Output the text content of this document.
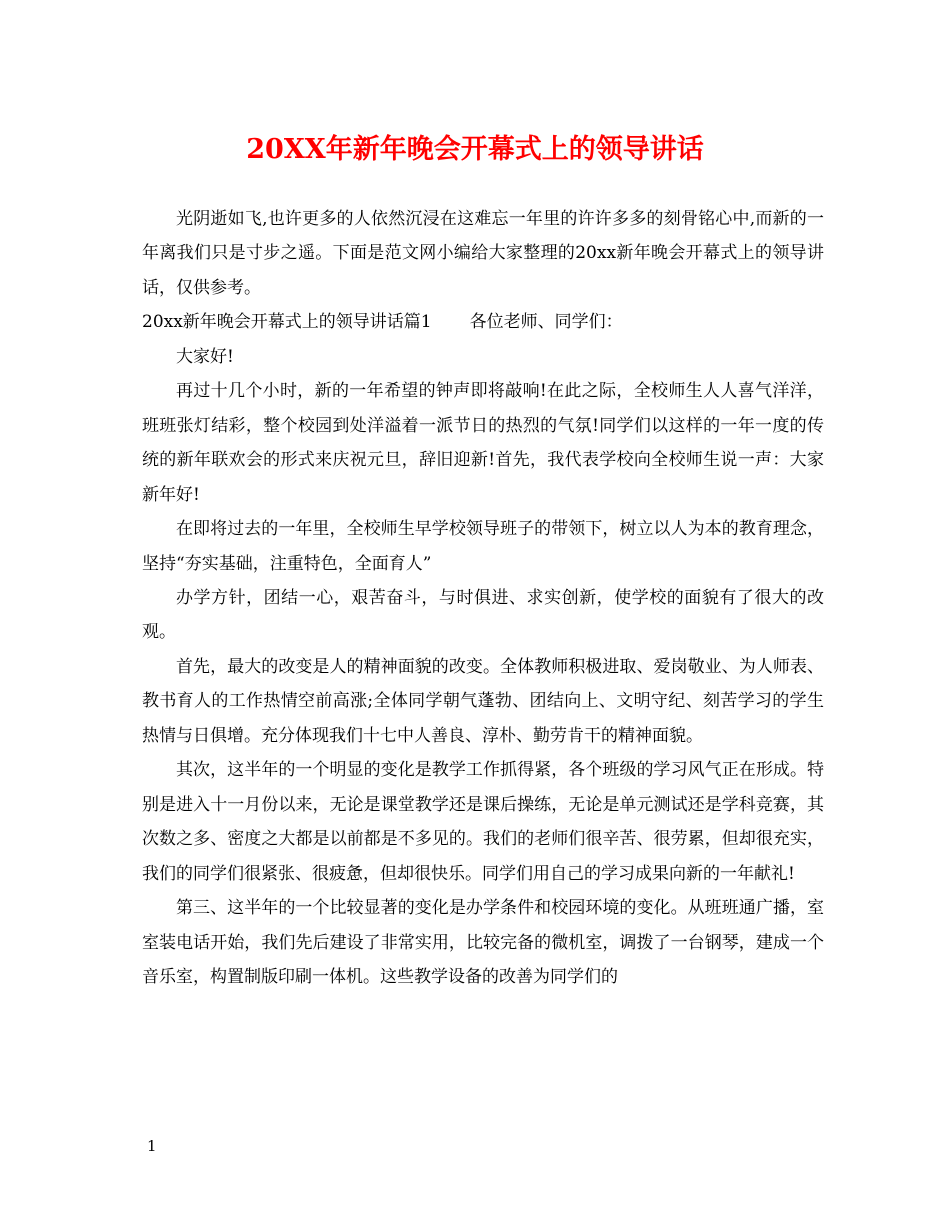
20XX年新年晚会开幕式上的领导讲话

光阴逝如飞,也许更多的人依然沉浸在这难忘一年里的许许多多的刻骨铭心中,而新的一年离我们只是寸步之遥。下面是范文网小编给大家整理的20xx新年晚会开幕式上的领导讲话，仅供参考。

20xx新年晚会开幕式上的领导讲话篇1 各位老师、同学们：

大家好!

再过十几个小时，新的一年希望的钟声即将敲响!在此之际，全校师生人人喜气洋洋，班班张灯结彩，整个校园到处洋溢着一派节日的热烈的气氛!同学们以这样的一年一度的传统的新年联欢会的形式来庆祝元旦，辞旧迎新!首先，我代表学校向全校师生说一声：大家新年好!

在即将过去的一年里，全校师生早学校领导班子的带领下，树立以人为本的教育理念，坚持“夯实基础，注重特色，全面育人”

办学方针，团结一心，艰苦奋斗，与时俱进、求实创新，使学校的面貌有了很大的改观。

首先，最大的改变是人的精神面貌的改变。全体教师积极进取、爱岗敬业、为人师表、教书育人的工作热情空前高涨;全体同学朝气蓬勃、团结向上、文明守纪、刻苦学习的学生热情与日俱增。充分体现我们十七中人善良、淳朴、勤劳肯干的精神面貌。

其次，这半年的一个明显的变化是教学工作抓得紧，各个班级的学习风气正在形成。特别是进入十一月份以来，无论是课堂教学还是课后操练，无论是单元测试还是学科竞赛，其次数之多、密度之大都是以前都是不多见的。我们的老师们很辛苦、很劳累，但却很充实，我们的同学们很紧张、很疲惫，但却很快乐。同学们用自己的学习成果向新的一年献礼!

第三、这半年的一个比较显著的变化是办学条件和校园环境的变化。从班班通广播，室室装电话开始，我们先后建设了非常实用，比较完备的微机室，调拨了一台钢琴，建成一个音乐室，构置制版印刷一体机。这些教学设备的改善为同学们的

1
